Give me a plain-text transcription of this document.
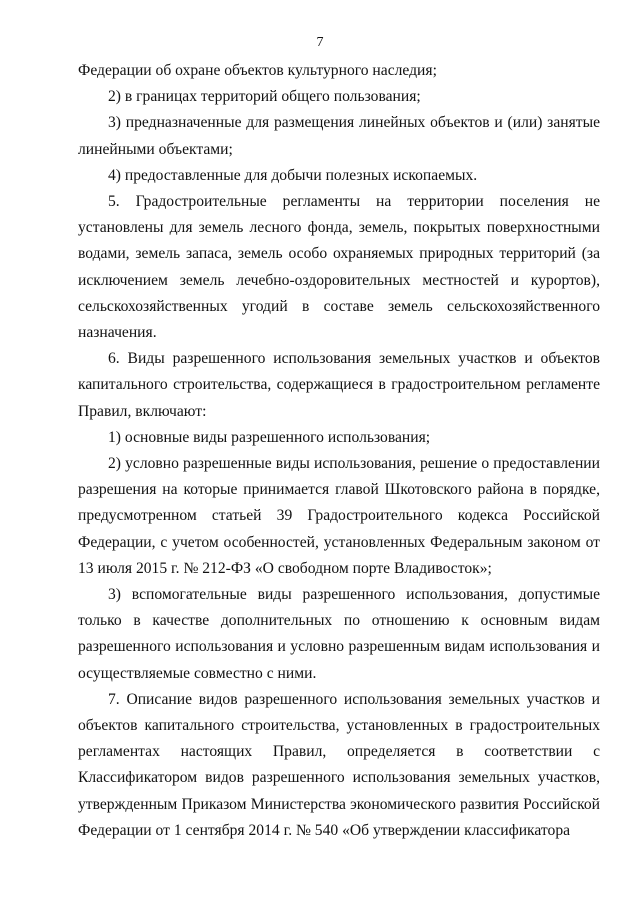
7

Федерации об охране объектов культурного наследия;

2) в границах территорий общего пользования;

3) предназначенные для размещения линейных объектов и (или) занятые линейными объектами;

4) предоставленные для добычи полезных ископаемых.

5. Градостроительные регламенты на территории поселения не установлены для земель лесного фонда, земель, покрытых поверхностными водами, земель запаса, земель особо охраняемых природных территорий (за исключением земель лечебно-оздоровительных местностей и курортов), сельскохозяйственных угодий в составе земель сельскохозяйственного назначения.

6. Виды разрешенного использования земельных участков и объектов капитального строительства, содержащиеся в градостроительном регламенте Правил, включают:

1) основные виды разрешенного использования;

2) условно разрешенные виды использования, решение о предоставлении разрешения на которые принимается главой Шкотовского района в порядке, предусмотренном статьей 39 Градостроительного кодекса Российской Федерации, с учетом особенностей, установленных Федеральным законом от 13 июля 2015 г. № 212-ФЗ «О свободном порте Владивосток»;

3) вспомогательные виды разрешенного использования, допустимые только в качестве дополнительных по отношению к основным видам разрешенного использования и условно разрешенным видам использования и осуществляемые совместно с ними.

7. Описание видов разрешенного использования земельных участков и объектов капитального строительства, установленных в градостроительных регламентах настоящих Правил, определяется в соответствии с Классификатором видов разрешенного использования земельных участков, утвержденным Приказом Министерства экономического развития Российской Федерации от 1 сентября 2014 г. № 540 «Об утверждении классификатора
